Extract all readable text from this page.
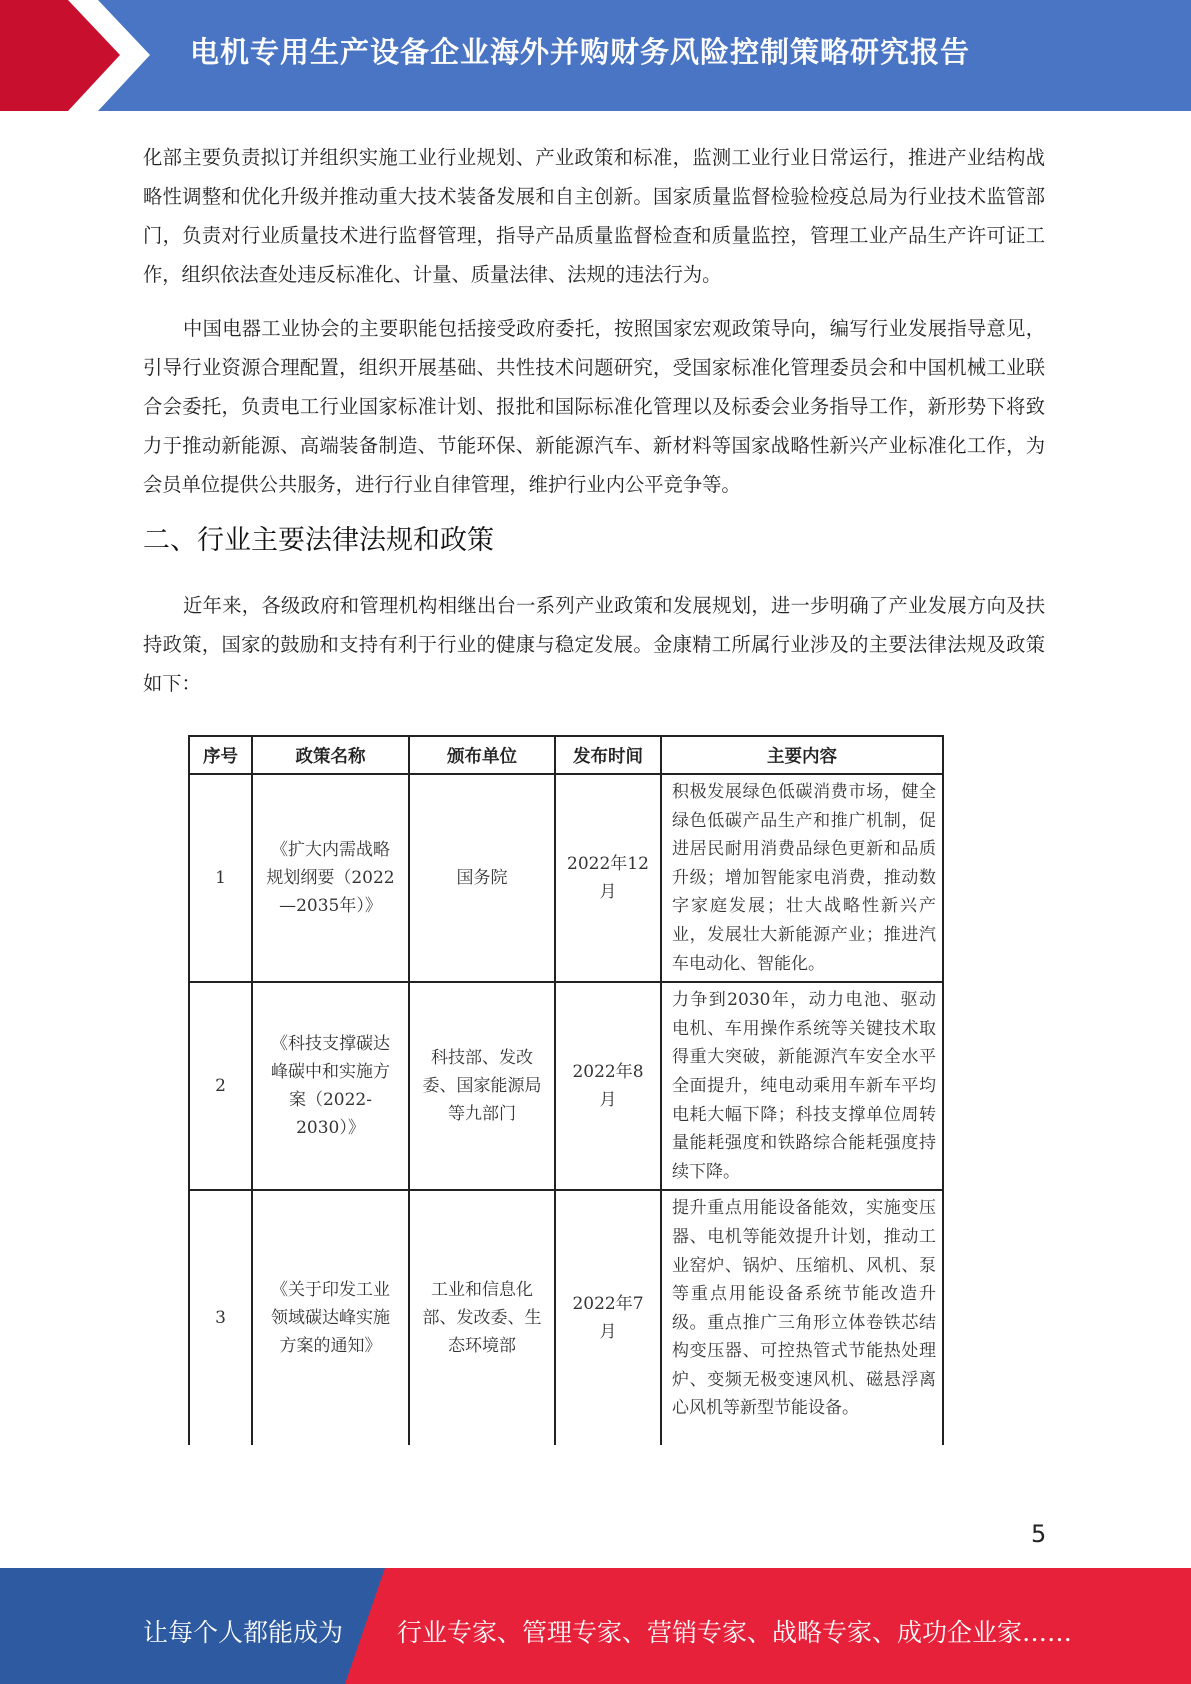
电机专用生产设备企业海外并购财务风险控制策略研究报告

化部主要负责拟订并组织实施工业行业规划、产业政策和标准，监测工业行业日常运行，推进产业结构战略性调整和优化升级并推动重大技术装备发展和自主创新。国家质量监督检验检疫总局为行业技术监管部门，负责对行业质量技术进行监督管理，指导产品质量监督检查和质量监控，管理工业产品生产许可证工作，组织依法查处违反标准化、计量、质量法律、法规的违法行为。

中国电器工业协会的主要职能包括接受政府委托，按照国家宏观政策导向，编写行业发展指导意见，引导行业资源合理配置，组织开展基础、共性技术问题研究，受国家标准化管理委员会和中国机械工业联合会委托，负责电工行业国家标准计划、报批和国际标准化管理以及标委会业务指导工作，新形势下将致力于推动新能源、高端装备制造、节能环保、新能源汽车、新材料等国家战略性新兴产业标准化工作，为会员单位提供公共服务，进行行业自律管理，维护行业内公平竞争等。

二、行业主要法律法规和政策

近年来，各级政府和管理机构相继出台一系列产业政策和发展规划，进一步明确了产业发展方向及扶持政策，国家的鼓励和支持有利于行业的健康与稳定发展。金康精工所属行业涉及的主要法律法规及政策如下：

序号	政策名称	颁布单位	发布时间	主要内容
1	《扩大内需战略规划纲要（2022—2035年）》	国务院	2022年12月	积极发展绿色低碳消费市场，健全绿色低碳产品生产和推广机制，促进居民耐用消费品绿色更新和品质升级；增加智能家电消费，推动数字家庭发展；壮大战略性新兴产业，发展壮大新能源产业；推进汽车电动化、智能化。
2	《科技支撑碳达峰碳中和实施方案（2022-2030）》	科技部、发改委、国家能源局等九部门	2022年8月	力争到2030年，动力电池、驱动电机、车用操作系统等关键技术取得重大突破，新能源汽车安全水平全面提升，纯电动乘用车新车平均电耗大幅下降；科技支撑单位周转量能耗强度和铁路综合能耗强度持续下降。
3	《关于印发工业领域碳达峰实施方案的通知》	工业和信息化部、发改委、生态环境部	2022年7月	提升重点用能设备能效，实施变压器、电机等能效提升计划，推动工业窑炉、锅炉、压缩机、风机、泵等重点用能设备系统节能改造升级。重点推广三角形立体卷铁芯结构变压器、可控热管式节能热处理炉、变频无极变速风机、磁悬浮离心风机等新型节能设备。
5
让每个人都能成为 行业专家、管理专家、营销专家、战略专家、成功企业家……
